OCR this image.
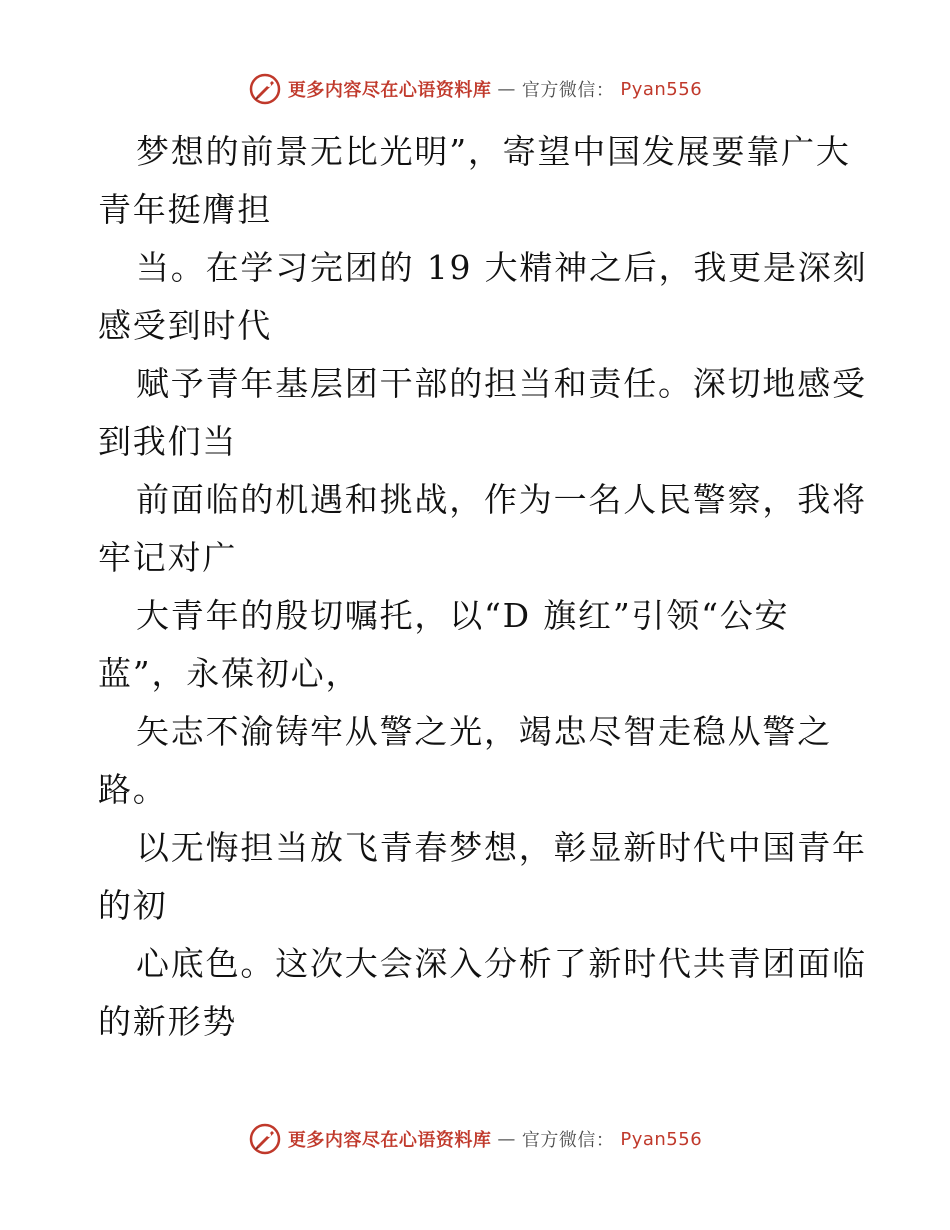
更多内容尽在心语资料库 — 官方微信： Pyan556
梦想的前景无比光明”，寄望中国发展要靠广大
青年挺膺担
当。在学习完团的 19 大精神之后，我更是深刻
感受到时代
赋予青年基层团干部的担当和责任。深切地感受
到我们当
前面临的机遇和挑战，作为一名人民警察，我将
牢记对广
大青年的殷切嘱托，以“D 旗红”引领“公安
蓝”，永葆初心，
矢志不渝铸牢从警之光，竭忠尽智走稳从警之
路。
以无悔担当放飞青春梦想，彰显新时代中国青年
的初
心底色。这次大会深入分析了新时代共青团面临
的新形势
更多内容尽在心语资料库 — 官方微信： Pyan556
